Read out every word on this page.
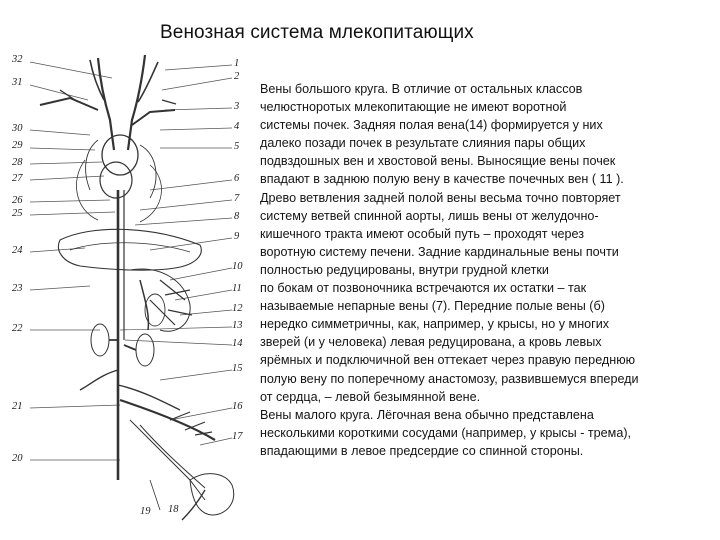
Венозная система млекопитающих
32
31
30
29
28
27
26
25
24
23
22
21
20
1
2
3
4
5
6
7
8
9
10
11
12
13
14
15
16
17
19 18
Вены большого круга. В отличие от остальных классов
челюстноротых млекопитающие не имеют воротной
системы почек. Задняя полая вена(14) формируется у них
далеко позади почек в результате слияния пары общих
подвздошных вен и хвостовой вены. Выносящие вены почек
впадают в заднюю полую вену в качестве почечных вен ( 11 ).
Древо ветвления задней полой вены весьма точно повторяет
систему ветвей спинной аорты, лишь вены от желудочно-
кишечного тракта имеют особый путь – проходят через
воротную систему печени. Задние кардинальные вены почти
полностью редуцированы, внутри грудной клетки
по бокам от позвоночника встречаются их остатки – так
называемые непарные вены (7). Передние полые вены (б)
нередко симметричны, как, например, у крысы, но у многих
зверей (и у человека) левая редуцирована, а кровь левых
ярёмных и подключичной вен оттекает через правую переднюю
полую вену по поперечному анастомозу, развившемуся впереди
от сердца, – левой безымянной вене.
Вены малого круга. Лёгочная вена обычно представлена
несколькими короткими сосудами (например, у крысы - трема),
впадающими в левое предсердие со спинной стороны.
